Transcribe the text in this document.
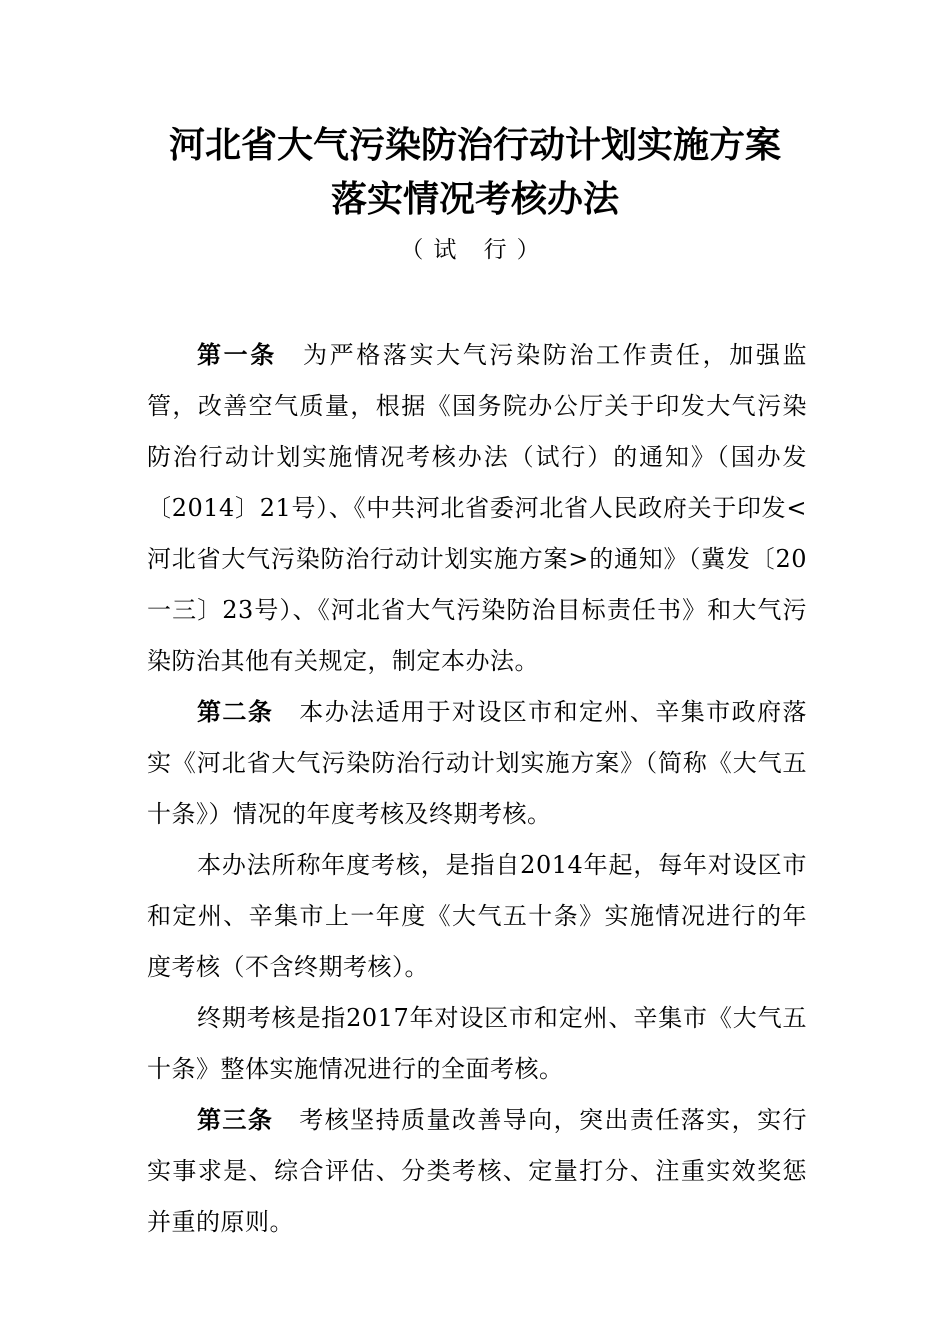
河北省大气污染防治行动计划实施方案
落实情况考核办法
（试 行）

第一条 为严格落实大气污染防治工作责任，加强监管，改善空气质量，根据《国务院办公厅关于印发大气污染防治行动计划实施情况考核办法（试行）的通知》（国办发〔2014〕21号）、《中共河北省委河北省人民政府关于印发<河北省大气污染防治行动计划实施方案>的通知》（冀发〔20一三〕23号）、《河北省大气污染防治目标责任书》和大气污染防治其他有关规定，制定本办法。

第二条 本办法适用于对设区市和定州、辛集市政府落实《河北省大气污染防治行动计划实施方案》（简称《大气五十条》）情况的年度考核及终期考核。

本办法所称年度考核，是指自2014年起，每年对设区市和定州、辛集市上一年度《大气五十条》实施情况进行的年度考核（不含终期考核）。

终期考核是指2017年对设区市和定州、辛集市《大气五十条》整体实施情况进行的全面考核。

第三条 考核坚持质量改善导向，突出责任落实，实行实事求是、综合评估、分类考核、定量打分、注重实效奖惩并重的原则。
